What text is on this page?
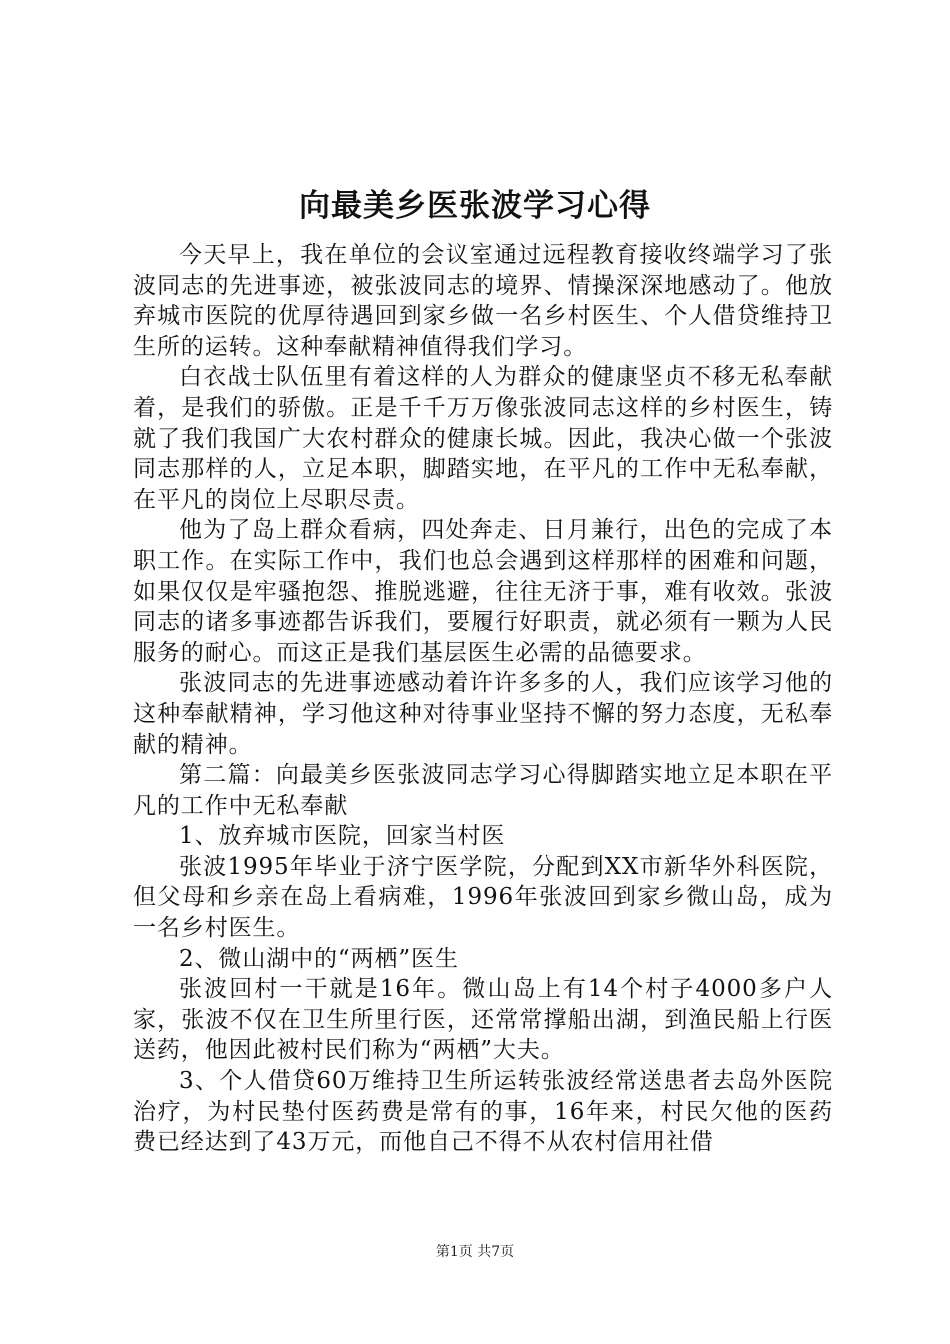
向最美乡医张波学习心得

今天早上，我在单位的会议室通过远程教育接收终端学习了张波同志的先进事迹，被张波同志的境界、情操深深地感动了。他放弃城市医院的优厚待遇回到家乡做一名乡村医生、个人借贷维持卫生所的运转。这种奉献精神值得我们学习。

白衣战士队伍里有着这样的人为群众的健康坚贞不移无私奉献着，是我们的骄傲。正是千千万万像张波同志这样的乡村医生，铸就了我们我国广大农村群众的健康长城。因此，我决心做一个张波同志那样的人，立足本职，脚踏实地，在平凡的工作中无私奉献，在平凡的岗位上尽职尽责。

他为了岛上群众看病，四处奔走、日月兼行，出色的完成了本职工作。在实际工作中，我们也总会遇到这样那样的困难和问题，如果仅仅是牢骚抱怨、推脱逃避，往往无济于事，难有收效。张波同志的诸多事迹都告诉我们，要履行好职责，就必须有一颗为人民服务的耐心。而这正是我们基层医生必需的品德要求。

张波同志的先进事迹感动着许许多多的人，我们应该学习他的这种奉献精神，学习他这种对待事业坚持不懈的努力态度，无私奉献的精神。

第二篇：向最美乡医张波同志学习心得脚踏实地立足本职在平凡的工作中无私奉献

1、放弃城市医院，回家当村医

张波1995年毕业于济宁医学院，分配到XX市新华外科医院，但父母和乡亲在岛上看病难，1996年张波回到家乡微山岛，成为一名乡村医生。

2、微山湖中的“两栖”医生

张波回村一干就是16年。微山岛上有14个村子4000多户人家，张波不仅在卫生所里行医，还常常撑船出湖，到渔民船上行医送药，他因此被村民们称为“两栖”大夫。

3、个人借贷60万维持卫生所运转张波经常送患者去岛外医院治疗，为村民垫付医药费是常有的事，16年来，村民欠他的医药费已经达到了43万元，而他自己不得不从农村信用社借

第1页 共7页
